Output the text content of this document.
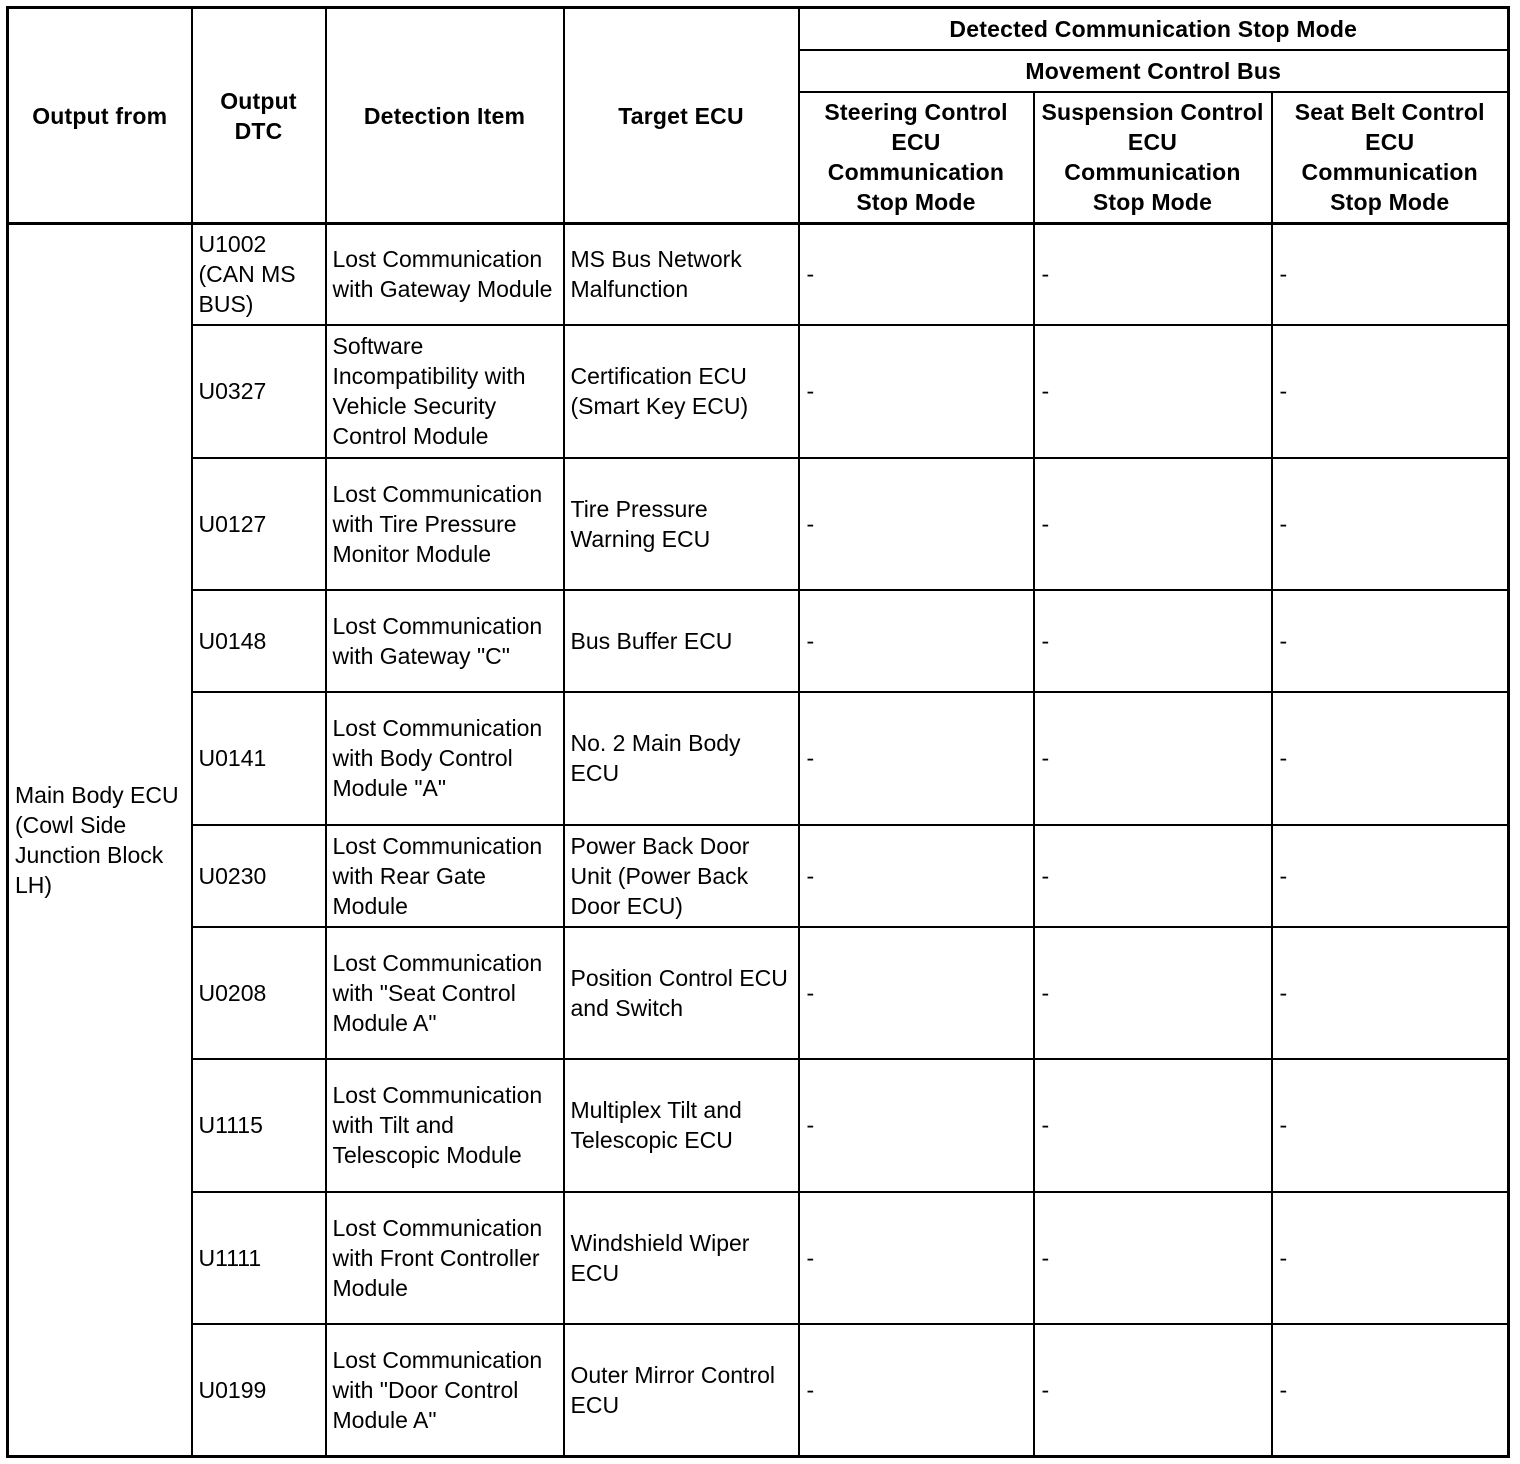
Output from	Output DTC	Detection Item	Target ECU	Detected Communication Stop Mode		
				Movement Control Bus		
				Steering Control ECU Communication Stop Mode	Suspension Control ECU Communication Stop Mode	Seat Belt Control ECU Communication Stop Mode
Main Body ECU (Cowl Side Junction Block LH)	U1002 (CAN MS BUS)	Lost Communication with Gateway Module	MS Bus Network Malfunction	-	-	-
	U0327	Software Incompatibility with Vehicle Security Control Module	Certification ECU (Smart Key ECU)	-	-	-
	U0127	Lost Communication with Tire Pressure Monitor Module	Tire Pressure Warning ECU	-	-	-
	U0148	Lost Communication with Gateway "C"	Bus Buffer ECU	-	-	-
	U0141	Lost Communication with Body Control Module "A"	No. 2 Main Body ECU	-	-	-
	U0230	Lost Communication with Rear Gate Module	Power Back Door Unit (Power Back Door ECU)	-	-	-
	U0208	Lost Communication with "Seat Control Module A"	Position Control ECU and Switch	-	-	-
	U1115	Lost Communication with Tilt and Telescopic Module	Multiplex Tilt and Telescopic ECU	-	-	-
	U1111	Lost Communication with Front Controller Module	Windshield Wiper ECU	-	-	-
	U0199	Lost Communication with "Door Control Module A"	Outer Mirror Control ECU	-	-	-
